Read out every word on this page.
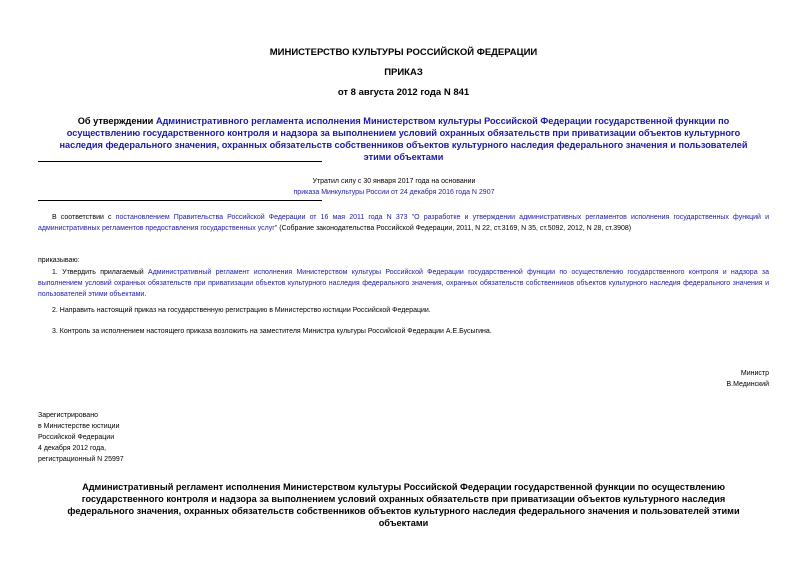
МИНИСТЕРСТВО КУЛЬТУРЫ РОССИЙСКОЙ ФЕДЕРАЦИИ
ПРИКАЗ
от 8 августа 2012 года N 841
Об утверждении Административного регламента исполнения Министерством культуры Российской Федерации государственной функции по осуществлению государственного контроля и надзора за выполнением условий охранных обязательств при приватизации объектов культурного наследия федерального значения, охранных обязательств собственников объектов культурного наследия федерального значения и пользователей этими объектами
Утратил силу с 30 января 2017 года на основании
приказа Минкультуры России от 24 декабря 2016 года N 2907
В соответствии с постановлением Правительства Российской Федерации от 16 мая 2011 года N 373 "О разработке и утверждении административных регламентов исполнения государственных функций и административных регламентов предоставления государственных услуг" (Собрание законодательства Российской Федерации, 2011, N 22, ст.3169, N 35, ст.5092, 2012, N 28, ст.3908)
приказываю:
1. Утвердить прилагаемый Административный регламент исполнения Министерством культуры Российской Федерации государственной функции по осуществлению государственного контроля и надзора за выполнением условий охранных обязательств при приватизации объектов культурного наследия федерального значения, охранных обязательств собственников объектов культурного наследия федерального значения и пользователей этими объектами.
2. Направить настоящий приказ на государственную регистрацию в Министерство юстиции Российской Федерации.
3. Контроль за исполнением настоящего приказа возложить на заместителя Министра культуры Российской Федерации А.Е.Бусыгина.
Министр
В.Мединский
Зарегистрировано
в Министерстве юстиции
Российской Федерации
4 декабря 2012 года,
регистрационный N 25997
Административный регламент исполнения Министерством культуры Российской Федерации государственной функции по осуществлению государственного контроля и надзора за выполнением условий охранных обязательств при приватизации объектов культурного наследия федерального значения, охранных обязательств собственников объектов культурного наследия федерального значения и пользователей этими объектами
